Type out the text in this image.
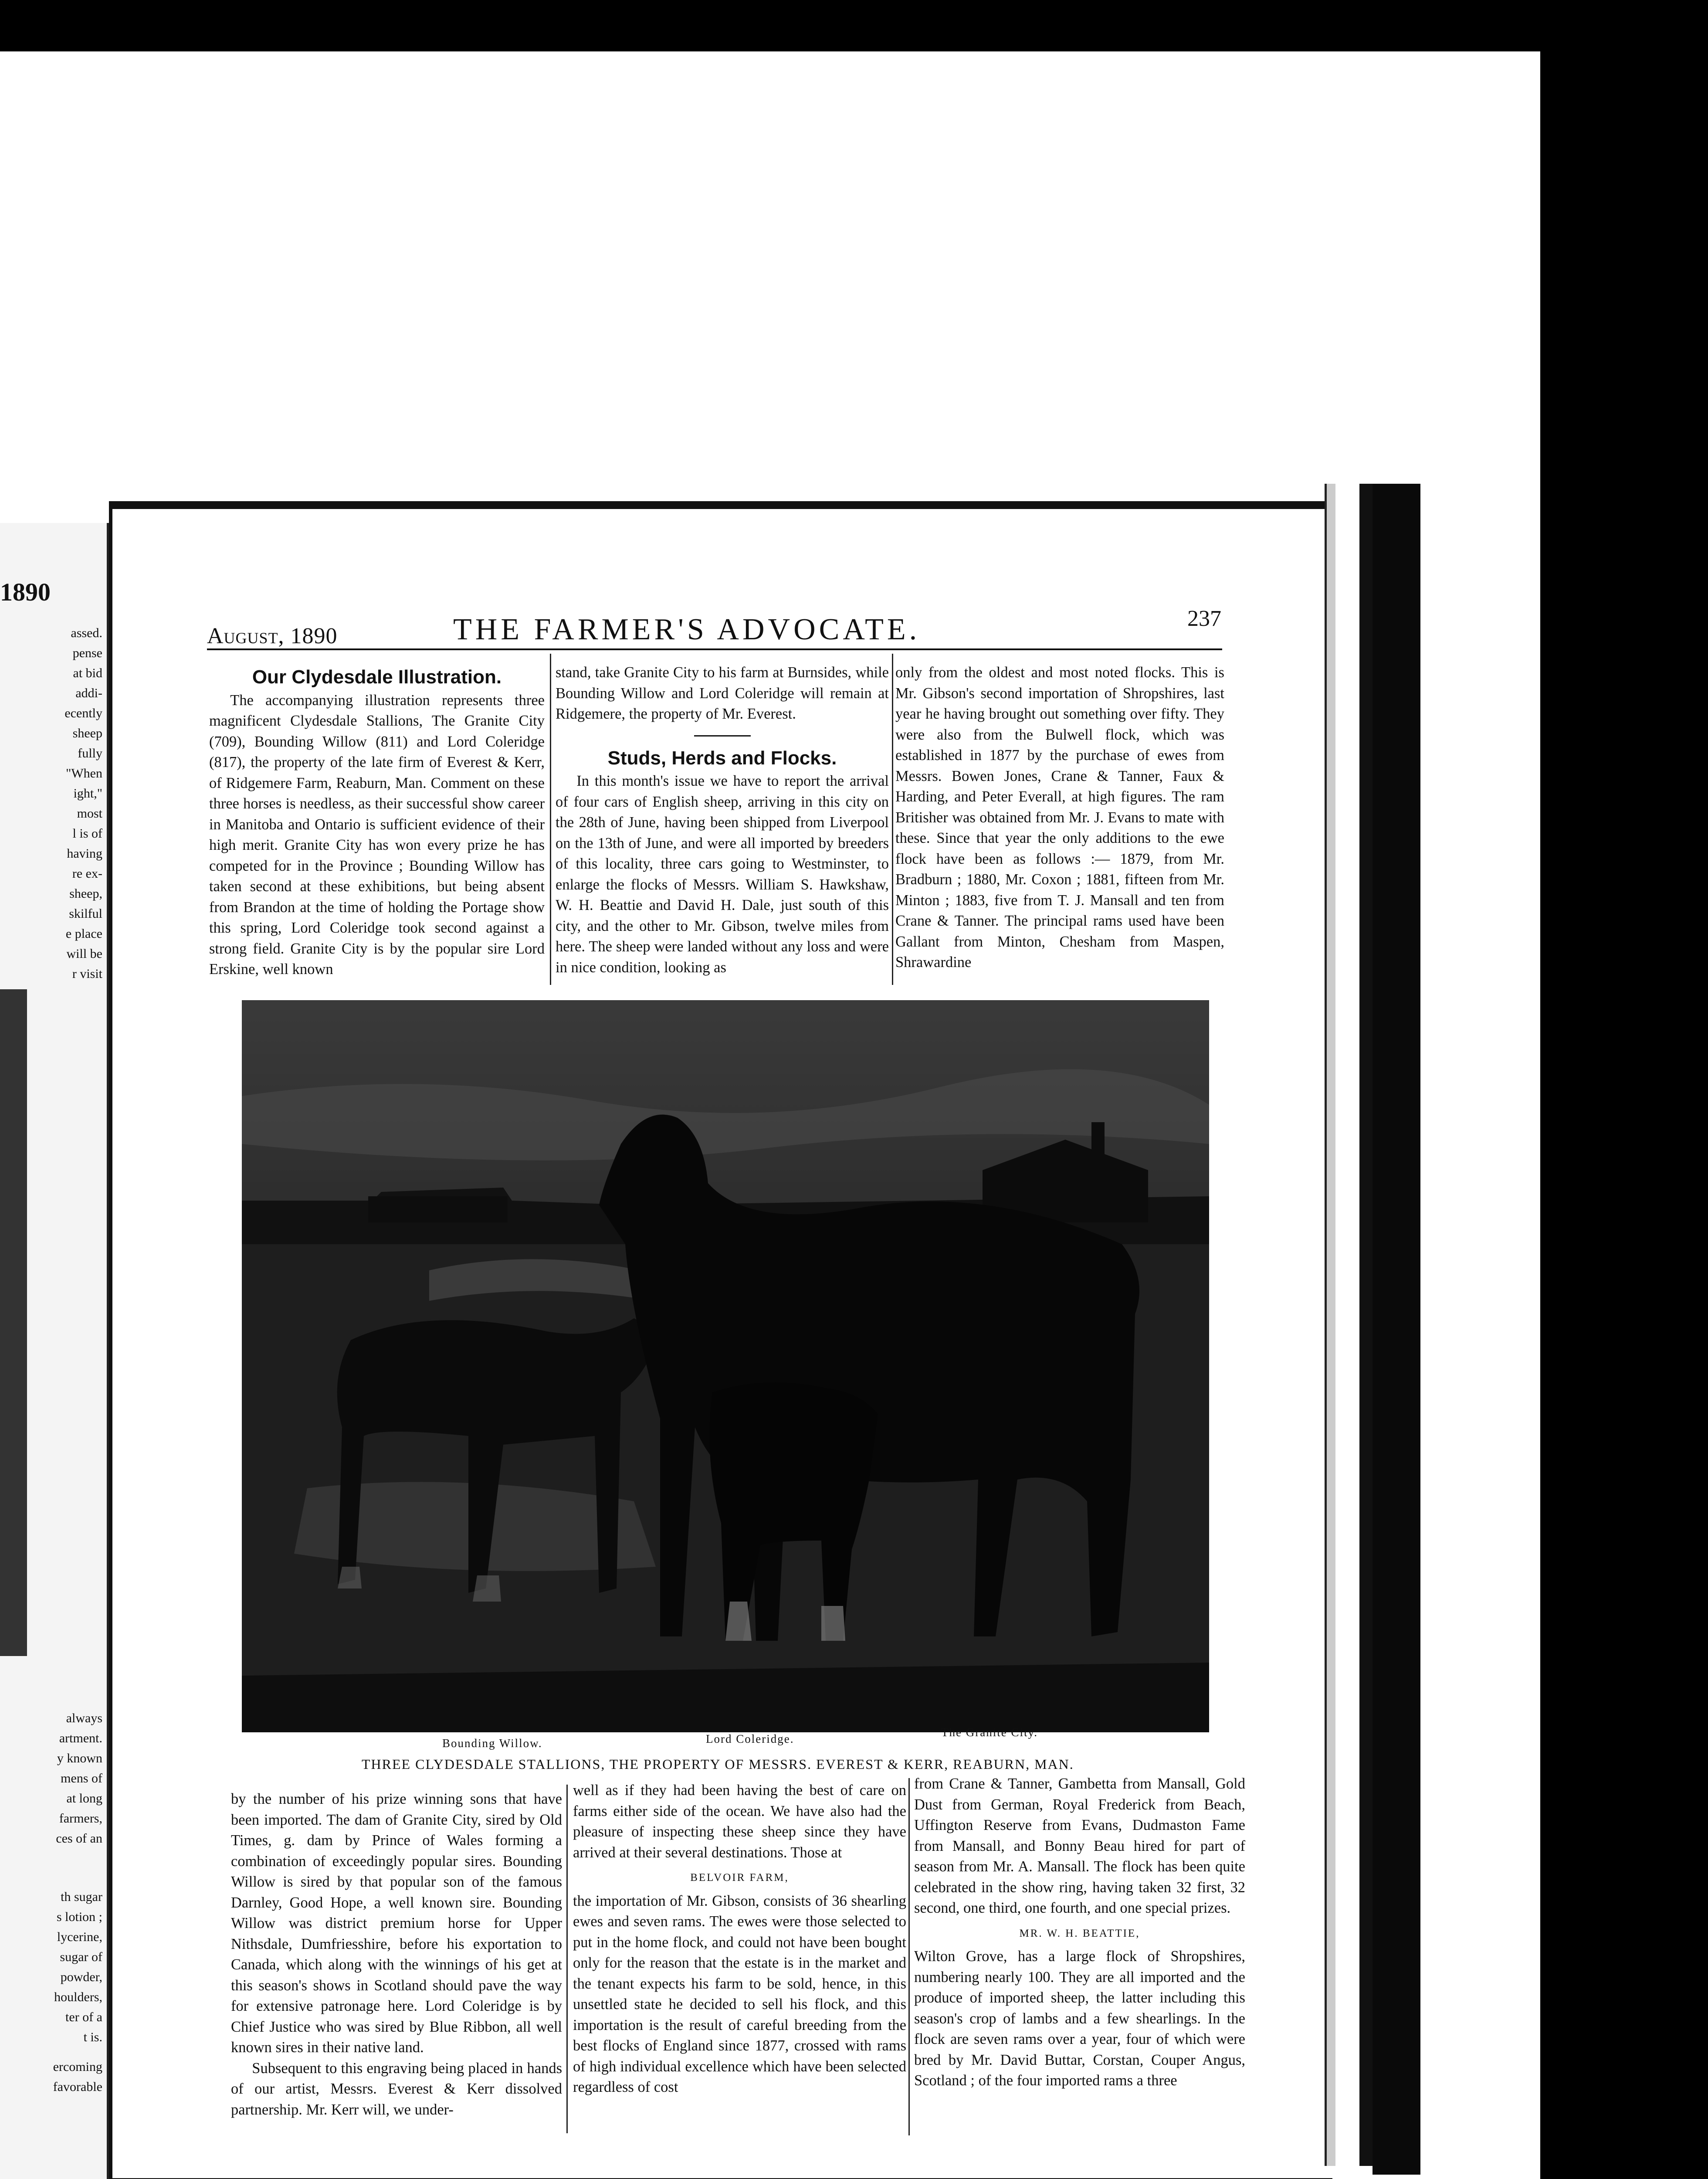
assed.
pense
at bid
addi-
ecently
sheep
fully
"When
ight,"
most
l is of
having
re ex-
sheep,
skilful
e place
will be
r visit
always
artment.
y known
mens of
at long
farmers,
ces of an
th sugar
s lotion ;
lycerine,
sugar of
powder,
houlders,
ter of a
t is.
ercoming
favorable
1890
August, 1890	THE FARMER'S ADVOCATE.	237
Our Clydesdale Illustration.

The accompanying illustration represents three magnificent Clydesdale Stallions, The Granite City (709), Bounding Willow (811) and Lord Coleridge (817), the property of the late firm of Everest & Kerr, of Ridgemere Farm, Reaburn, Man. Comment on these three horses is needless, as their successful show career in Manitoba and Ontario is sufficient evidence of their high merit. Granite City has won every prize he has competed for in the Province ; Bounding Willow has taken second at these exhibitions, but being absent from Brandon at the time of holding the Portage show this spring, Lord Coleridge took second against a strong field. Granite City is by the popular sire Lord Erskine, well known

stand, take Granite City to his farm at Burnsides, while Bounding Willow and Lord Coleridge will remain at Ridgemere, the property of Mr. Everest.

Studs, Herds and Flocks.

In this month's issue we have to report the arrival of four cars of English sheep, arriving in this city on the 28th of June, having been shipped from Liverpool on the 13th of June, and were all imported by breeders of this locality, three cars going to Westminster, to enlarge the flocks of Messrs. William S. Hawkshaw, W. H. Beattie and David H. Dale, just south of this city, and the other to Mr. Gibson, twelve miles from here. The sheep were landed without any loss and were in nice condition, looking as

only from the oldest and most noted flocks. This is Mr. Gibson's second importation of Shropshires, last year he having brought out something over fifty. They were also from the Bulwell flock, which was established in 1877 by the purchase of ewes from Messrs. Bowen Jones, Crane & Tanner, Faux & Harding, and Peter Everall, at high figures. The ram Britisher was obtained from Mr. J. Evans to mate with these. Since that year the only additions to the ewe flock have been as follows :— 1879, from Mr. Bradburn ; 1880, Mr. Coxon ; 1881, fifteen from Mr. Minton ; 1883, five from T. J. Mansall and ten from Crane & Tanner. The principal rams used have been Gallant from Minton, Chesham from Maspen, Shrawardine

Bounding Willow.	Lord Coleridge.	The Granite City.
THREE CLYDESDALE STALLIONS, THE PROPERTY OF MESSRS. EVEREST & KERR, REABURN, MAN.

by the number of his prize winning sons that have been imported. The dam of Granite City, sired by Old Times, g. dam by Prince of Wales forming a combination of exceedingly popular sires. Bounding Willow is sired by that popular son of the famous Darnley, Good Hope, a well known sire. Bounding Willow was district premium horse for Upper Nithsdale, Dumfriesshire, before his exportation to Canada, which along with the winnings of his get at this season's shows in Scotland should pave the way for extensive patronage here. Lord Coleridge is by Chief Justice who was sired by Blue Ribbon, all well known sires in their native land.

Subsequent to this engraving being placed in hands of our artist, Messrs. Everest & Kerr dissolved partnership. Mr. Kerr will, we under-

well as if they had been having the best of care on farms either side of the ocean. We have also had the pleasure of inspecting these sheep since they have arrived at their several destinations. Those at

BELVOIR FARM,

the importation of Mr. Gibson, consists of 36 shearling ewes and seven rams. The ewes were those selected to put in the home flock, and could not have been bought only for the reason that the estate is in the market and the tenant expects his farm to be sold, hence, in this unsettled state he decided to sell his flock, and this importation is the result of careful breeding from the best flocks of England since 1877, crossed with rams of high individual excellence which have been selected regardless of cost

from Crane & Tanner, Gambetta from Mansall, Gold Dust from German, Royal Frederick from Beach, Uffington Reserve from Evans, Dudmaston Fame from Mansall, and Bonny Beau hired for part of season from Mr. A. Mansall. The flock has been quite celebrated in the show ring, having taken 32 first, 32 second, one third, one fourth, and one special prizes.

MR. W. H. BEATTIE,

Wilton Grove, has a large flock of Shropshires, numbering nearly 100. They are all imported and the produce of imported sheep, the latter including this season's crop of lambs and a few shearlings. In the flock are seven rams over a year, four of which were bred by Mr. David Buttar, Corstan, Couper Angus, Scotland ; of the four imported rams a three
